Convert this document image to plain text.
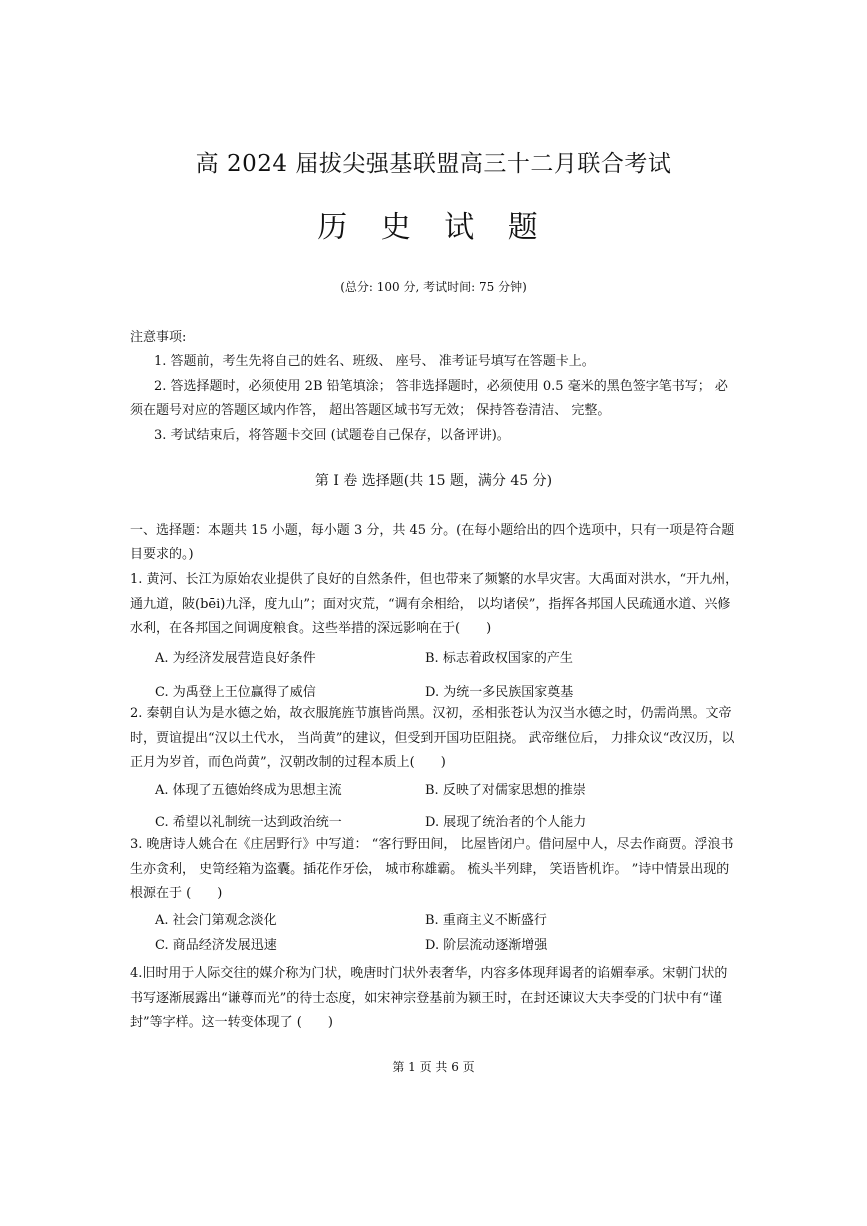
高 2024 届拔尖强基联盟高三十二月联合考试
历 史 试 题
(总分: 100 分, 考试时间: 75 分钟)
注意事项:
1. 答题前，考生先将自己的姓名、班级、 座号、 准考证号填写在答题卡上。
2. 答选择题时，必须使用 2B 铅笔填涂； 答非选择题时，必须使用 0.5 毫米的黑色签字笔书写； 必须在题号对应的答题区域内作答， 超出答题区域书写无效； 保持答卷清洁、 完整。
3. 考试结束后，将答题卡交回 (试题卷自己保存，以备评讲)。
第 I 卷 选择题(共 15 题，满分 45 分)
一、选择题：本题共 15 小题，每小题 3 分，共 45 分。(在每小题给出的四个选项中，只有一项是符合题目要求的。)
1. 黄河、长江为原始农业提供了良好的自然条件，但也带来了频繁的水旱灾害。大禹面对洪水，“开九州，通九道，陂(bēi)九泽，度九山”；面对灾荒，“调有余相给， 以均诸侯”，指挥各邦国人民疏通水道、兴修水利，在各邦国之间调度粮食。这些举措的深远影响在于(　　)
A. 为经济发展营造良好条件	B. 标志着政权国家的产生
C. 为禹登上王位赢得了威信	D. 为统一多民族国家奠基
2. 秦朝自认为是水德之始，故衣服旄旌节旗皆尚黑。汉初，丞相张苍认为汉当水德之时，仍需尚黑。文帝时，贾谊提出“汉以土代水， 当尚黄”的建议，但受到开国功臣阻挠。 武帝继位后， 力排众议“改汉历，以正月为岁首，而色尚黄”，汉朝改制的过程本质上(　　)
A. 体现了五德始终成为思想主流	B. 反映了对儒家思想的推崇
C. 希望以礼制统一达到政治统一	D. 展现了统治者的个人能力
3. 晚唐诗人姚合在《庄居野行》中写道： “客行野田间， 比屋皆闭户。借问屋中人，尽去作商贾。浮浪书生亦贪利， 史笥经箱为盗囊。插花作牙侩， 城市称雄霸。 梳头半列肆， 笑语皆机诈。 ”诗中情景出现的根源在于 (　　)
A. 社会门第观念淡化	B. 重商主义不断盛行
C. 商品经济发展迅速	D. 阶层流动逐渐增强
4.旧时用于人际交往的媒介称为门状，晚唐时门状外表奢华，内容多体现拜谒者的谄媚奉承。宋朝门状的书写逐渐展露出“谦尊而光”的待士态度，如宋神宗登基前为颍王时，在封还谏议大夫李受的门状中有“谨封”等字样。这一转变体现了 (　　)
第 1 页 共 6 页
